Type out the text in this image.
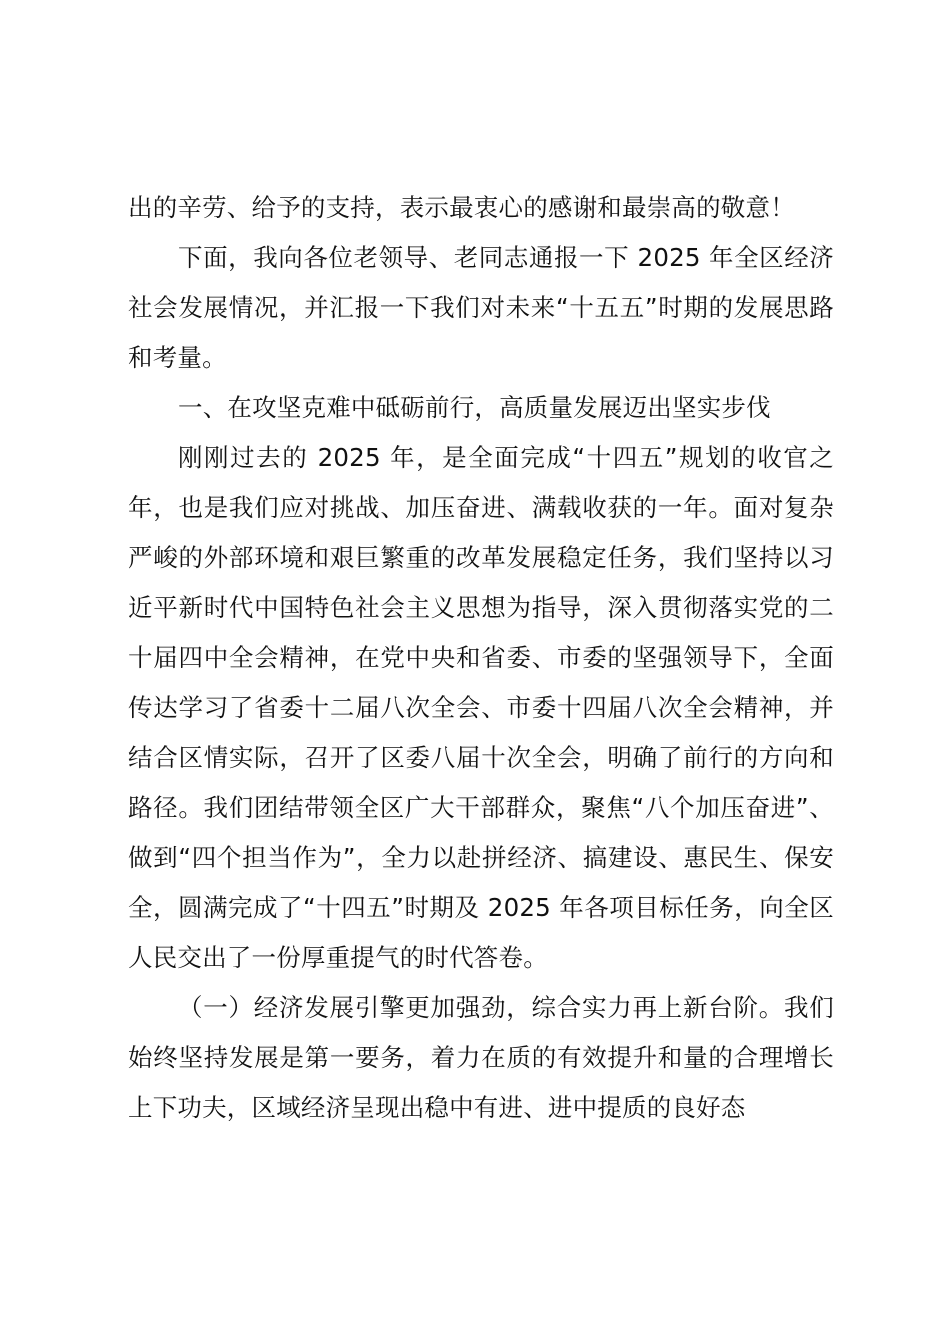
出的辛劳、给予的支持，表示最衷心的感谢和最崇高的敬意！

下面，我向各位老领导、老同志通报一下 2025 年全区经济社会发展情况，并汇报一下我们对未来“十五五”时期的发展思路和考量。

一、在攻坚克难中砥砺前行，高质量发展迈出坚实步伐

刚刚过去的 2025 年，是全面完成“十四五”规划的收官之年，也是我们应对挑战、加压奋进、满载收获的一年。面对复杂严峻的外部环境和艰巨繁重的改革发展稳定任务，我们坚持以习近平新时代中国特色社会主义思想为指导，深入贯彻落实党的二十届四中全会精神，在党中央和省委、市委的坚强领导下，全面传达学习了省委十二届八次全会、市委十四届八次全会精神，并结合区情实际，召开了区委八届十次全会，明确了前行的方向和路径。我们团结带领全区广大干部群众，聚焦“八个加压奋进”、做到“四个担当作为”，全力以赴拼经济、搞建设、惠民生、保安全，圆满完成了“十四五”时期及 2025 年各项目标任务，向全区人民交出了一份厚重提气的时代答卷。

（一）经济发展引擎更加强劲，综合实力再上新台阶。我们始终坚持发展是第一要务，着力在质的有效提升和量的合理增长上下功夫，区域经济呈现出稳中有进、进中提质的良好态
